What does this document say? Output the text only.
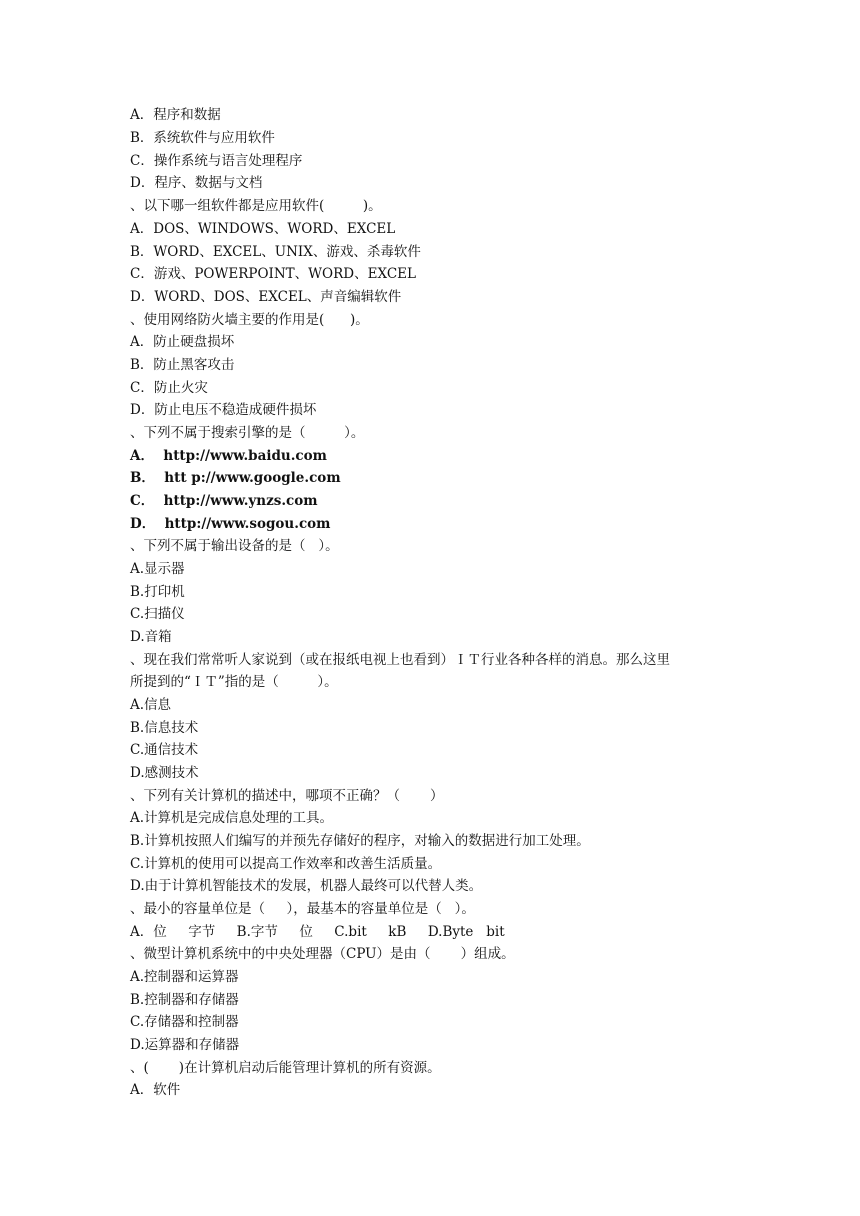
A．程序和数据
B．系统软件与应用软件
C．操作系统与语言处理程序
D．程序、数据与文档
、以下哪一组软件都是应用软件(         )。
A．DOS、WINDOWS、WORD、EXCEL
B．WORD、EXCEL、UNIX、游戏、杀毒软件
C．游戏、POWERPOINT、WORD、EXCEL
D．WORD、DOS、EXCEL、声音编辑软件
、使用网络防火墙主要的作用是(      )。
A．防止硬盘损坏
B．防止黑客攻击
C．防止火灾
D．防止电压不稳造成硬件损坏
、下列不属于搜索引擎的是（         ）。
A．  http://www.baidu.com
B．  htt p://www.google.com
C．  http://www.ynzs.com
D．  http://www.sogou.com
、下列不属于输出设备的是（   ）。
A.显示器
B.打印机
C.扫描仪
D.音箱
、现在我们常常听人家说到（或在报纸电视上也看到）ＩＴ行业各种各样的消息。那么这里
所提到的“ＩＴ”指的是（         ）。
A.信息
B.信息技术
C.通信技术
D.感测技术
、下列有关计算机的描述中，哪项不正确？（       ）
A.计算机是完成信息处理的工具。
B.计算机按照人们编写的并预先存储好的程序，对输入的数据进行加工处理。
C.计算机的使用可以提高工作效率和改善生活质量。
D.由于计算机智能技术的发展，机器人最终可以代替人类。
、最小的容量单位是（     ），最基本的容量单位是（   ）。
A．位     字节     B.字节     位     C.bit     kB     D.Byte   bit
、微型计算机系统中的中央处理器（CPU）是由（       ）组成。
A.控制器和运算器
B.控制器和存储器
C.存储器和控制器
D.运算器和存储器
、(       )在计算机启动后能管理计算机的所有资源。
A．软件
